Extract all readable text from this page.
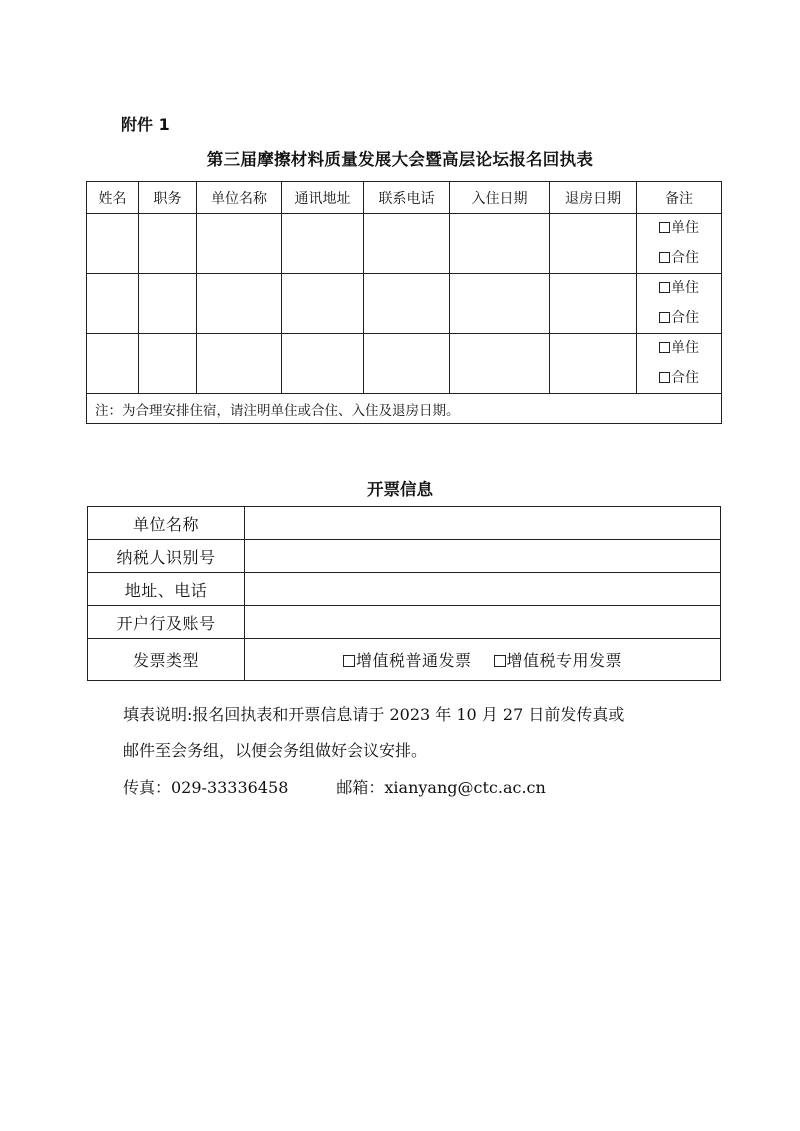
附件 1
第三届摩擦材料质量发展大会暨高层论坛报名回执表
姓名	职务	单位名称	通讯地址	联系电话	入住日期	退房日期	备注

							单住
合住

							单住
合住

							单住
合住

注：为合理安排住宿，请注明单住或合住、入住及退房日期。							
开票信息
单位名称	
纳税人识别号	
地址、电话	
开户行及账号	
发票类型	增值税普通发票 增值税专用发票
填表说明:报名回执表和开票信息请于 2023 年 10 月 27 日前发传真或
邮件至会务组，以便会务组做好会议安排。
传真：029-33336458	邮箱：xianyang@ctc.ac.cn
